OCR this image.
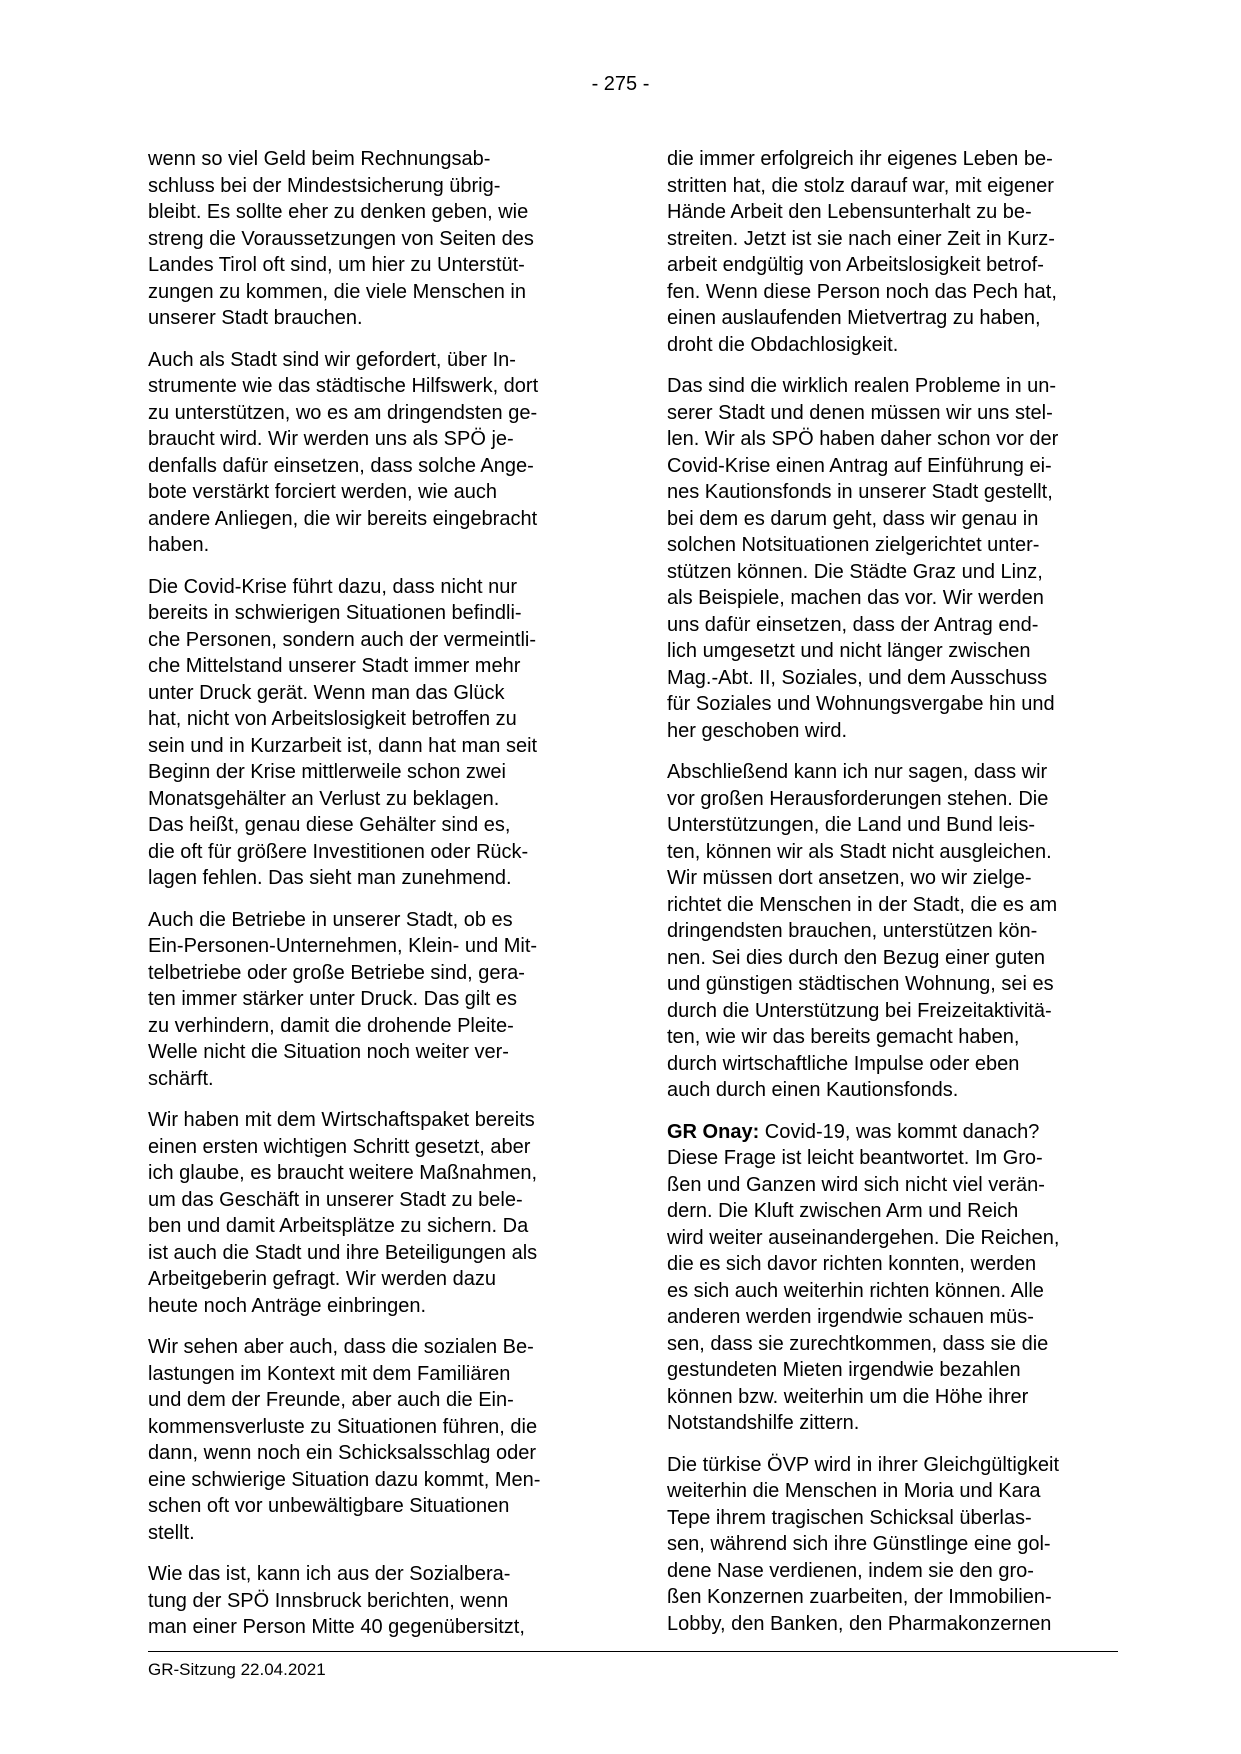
- 275 -

wenn so viel Geld beim Rechnungsab-
schluss bei der Mindestsicherung übrig-
bleibt. Es sollte eher zu denken geben, wie
streng die Voraussetzungen von Seiten des
Landes Tirol oft sind, um hier zu Unterstüt-
zungen zu kommen, die viele Menschen in
unserer Stadt brauchen.

Auch als Stadt sind wir gefordert, über In-
strumente wie das städtische Hilfswerk, dort
zu unterstützen, wo es am dringendsten ge-
braucht wird. Wir werden uns als SPÖ je-
denfalls dafür einsetzen, dass solche Ange-
bote verstärkt forciert werden, wie auch
andere Anliegen, die wir bereits eingebracht
haben.

Die Covid-Krise führt dazu, dass nicht nur
bereits in schwierigen Situationen befindli-
che Personen, sondern auch der vermeintli-
che Mittelstand unserer Stadt immer mehr
unter Druck gerät. Wenn man das Glück
hat, nicht von Arbeitslosigkeit betroffen zu
sein und in Kurzarbeit ist, dann hat man seit
Beginn der Krise mittlerweile schon zwei
Monatsgehälter an Verlust zu beklagen.
Das heißt, genau diese Gehälter sind es,
die oft für größere Investitionen oder Rück-
lagen fehlen. Das sieht man zunehmend.

Auch die Betriebe in unserer Stadt, ob es
Ein-Personen-Unternehmen, Klein- und Mit-
telbetriebe oder große Betriebe sind, gera-
ten immer stärker unter Druck. Das gilt es
zu verhindern, damit die drohende Pleite-
Welle nicht die Situation noch weiter ver-
schärft.

Wir haben mit dem Wirtschaftspaket bereits
einen ersten wichtigen Schritt gesetzt, aber
ich glaube, es braucht weitere Maßnahmen,
um das Geschäft in unserer Stadt zu bele-
ben und damit Arbeitsplätze zu sichern. Da
ist auch die Stadt und ihre Beteiligungen als
Arbeitgeberin gefragt. Wir werden dazu
heute noch Anträge einbringen.

Wir sehen aber auch, dass die sozialen Be-
lastungen im Kontext mit dem Familiären
und dem der Freunde, aber auch die Ein-
kommensverluste zu Situationen führen, die
dann, wenn noch ein Schicksalsschlag oder
eine schwierige Situation dazu kommt, Men-
schen oft vor unbewältigbare Situationen
stellt.

Wie das ist, kann ich aus der Sozialbera-
tung der SPÖ Innsbruck berichten, wenn
man einer Person Mitte 40 gegenübersitzt,

die immer erfolgreich ihr eigenes Leben be-
stritten hat, die stolz darauf war, mit eigener
Hände Arbeit den Lebensunterhalt zu be-
streiten. Jetzt ist sie nach einer Zeit in Kurz-
arbeit endgültig von Arbeitslosigkeit betrof-
fen. Wenn diese Person noch das Pech hat,
einen auslaufenden Mietvertrag zu haben,
droht die Obdachlosigkeit.

Das sind die wirklich realen Probleme in un-
serer Stadt und denen müssen wir uns stel-
len. Wir als SPÖ haben daher schon vor der
Covid-Krise einen Antrag auf Einführung ei-
nes Kautionsfonds in unserer Stadt gestellt,
bei dem es darum geht, dass wir genau in
solchen Notsituationen zielgerichtet unter-
stützen können. Die Städte Graz und Linz,
als Beispiele, machen das vor. Wir werden
uns dafür einsetzen, dass der Antrag end-
lich umgesetzt und nicht länger zwischen
Mag.-Abt. II, Soziales, und dem Ausschuss
für Soziales und Wohnungsvergabe hin und
her geschoben wird.

Abschließend kann ich nur sagen, dass wir
vor großen Herausforderungen stehen. Die
Unterstützungen, die Land und Bund leis-
ten, können wir als Stadt nicht ausgleichen.
Wir müssen dort ansetzen, wo wir zielge-
richtet die Menschen in der Stadt, die es am
dringendsten brauchen, unterstützen kön-
nen. Sei dies durch den Bezug einer guten
und günstigen städtischen Wohnung, sei es
durch die Unterstützung bei Freizeitaktivitä-
ten, wie wir das bereits gemacht haben,
durch wirtschaftliche Impulse oder eben
auch durch einen Kautionsfonds.

GR Onay: Covid-19, was kommt danach?
Diese Frage ist leicht beantwortet. Im Gro-
ßen und Ganzen wird sich nicht viel verän-
dern. Die Kluft zwischen Arm und Reich
wird weiter auseinandergehen. Die Reichen,
die es sich davor richten konnten, werden
es sich auch weiterhin richten können. Alle
anderen werden irgendwie schauen müs-
sen, dass sie zurechtkommen, dass sie die
gestundeten Mieten irgendwie bezahlen
können bzw. weiterhin um die Höhe ihrer
Notstandshilfe zittern.

Die türkise ÖVP wird in ihrer Gleichgültigkeit
weiterhin die Menschen in Moria und Kara
Tepe ihrem tragischen Schicksal überlas-
sen, während sich ihre Günstlinge eine gol-
dene Nase verdienen, indem sie den gro-
ßen Konzernen zuarbeiten, der Immobilien-
Lobby, den Banken, den Pharmakonzernen

GR-Sitzung 22.04.2021
